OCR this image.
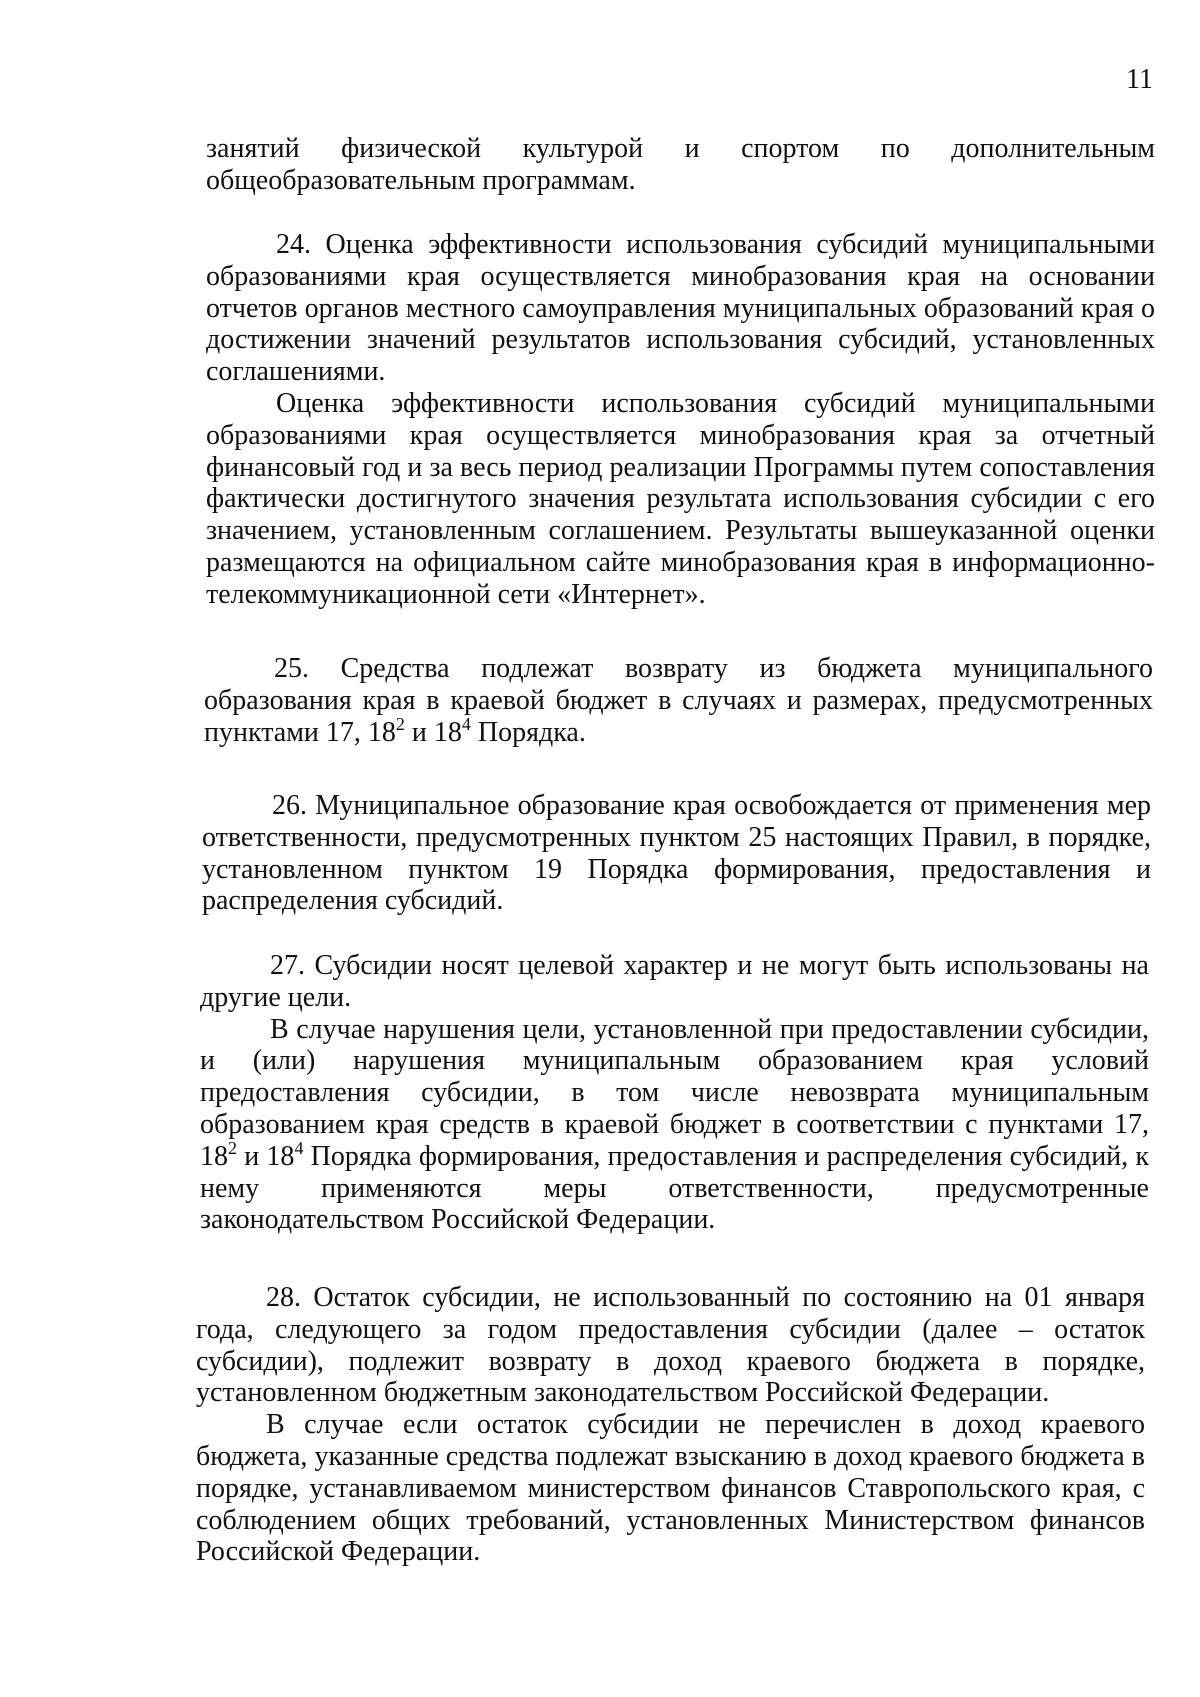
11

занятий физической культурой и спортом по дополнительным

общеобразовательным программам.

24. Оценка эффективности использования субсидий муниципальными образованиями края осуществляется минобразования края на основании отчетов органов местного самоуправления муниципальных образований края о достижении значений результатов использования субсидий, установленных соглашениями.

Оценка эффективности использования субсидий муниципальными образованиями края осуществляется минобразования края за отчетный финансовый год и за весь период реализации Программы путем сопоставления фактически достигнутого значения результата использования субсидии с его значением, установленным соглашением. Результаты вышеуказанной оценки размещаются на официальном сайте минобразования края в информационно-телекоммуникационной сети «Интернет».

25. Средства подлежат возврату из бюджета муниципального образования края в краевой бюджет в случаях и размерах, предусмотренных пунктами 17, $18^2$ и $18^4$ Порядка.

26. Муниципальное образование края освобождается от применения мер ответственности, предусмотренных пунктом 25 настоящих Правил, в порядке, установленном пунктом 19 Порядка формирования, предоставления и распределения субсидий.

27. Субсидии носят целевой характер и не могут быть использованы на другие цели.

В случае нарушения цели, установленной при предоставлении субсидии, и (или) нарушения муниципальным образованием края условий предоставления субсидии, в том числе невозврата муниципальным образованием края средств в краевой бюджет в соответствии с пунктами 17, $18^2$ и $18^4$ Порядка формирования, предоставления и распределения субсидий, к нему применяются меры ответственности, предусмотренные законодательством Российской Федерации.

28. Остаток субсидии, не использованный по состоянию на 01 января года, следующего за годом предоставления субсидии (далее – остаток субсидии), подлежит возврату в доход краевого бюджета в порядке, установленном бюджетным законодательством Российской Федерации.

В случае если остаток субсидии не перечислен в доход краевого бюджета, указанные средства подлежат взысканию в доход краевого бюджета в порядке, устанавливаемом министерством финансов Ставропольского края, с соблюдением общих требований, установленных Министерством финансов Российской Федерации.
